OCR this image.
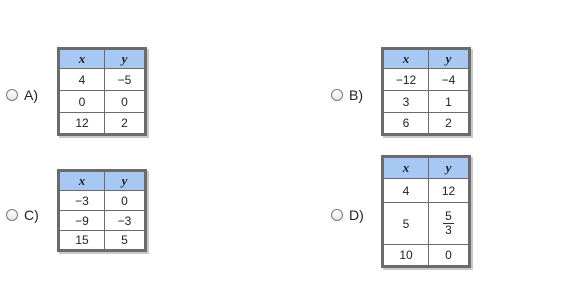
A)
x	y
4	−5
0	0
12	2
B)
x	y
−12	−4
3	1
6	2
C)
x	y
−3	0
−9	−3
15	5
D)
x	y
4	12
5	$\frac{5}{3}$

10	0
